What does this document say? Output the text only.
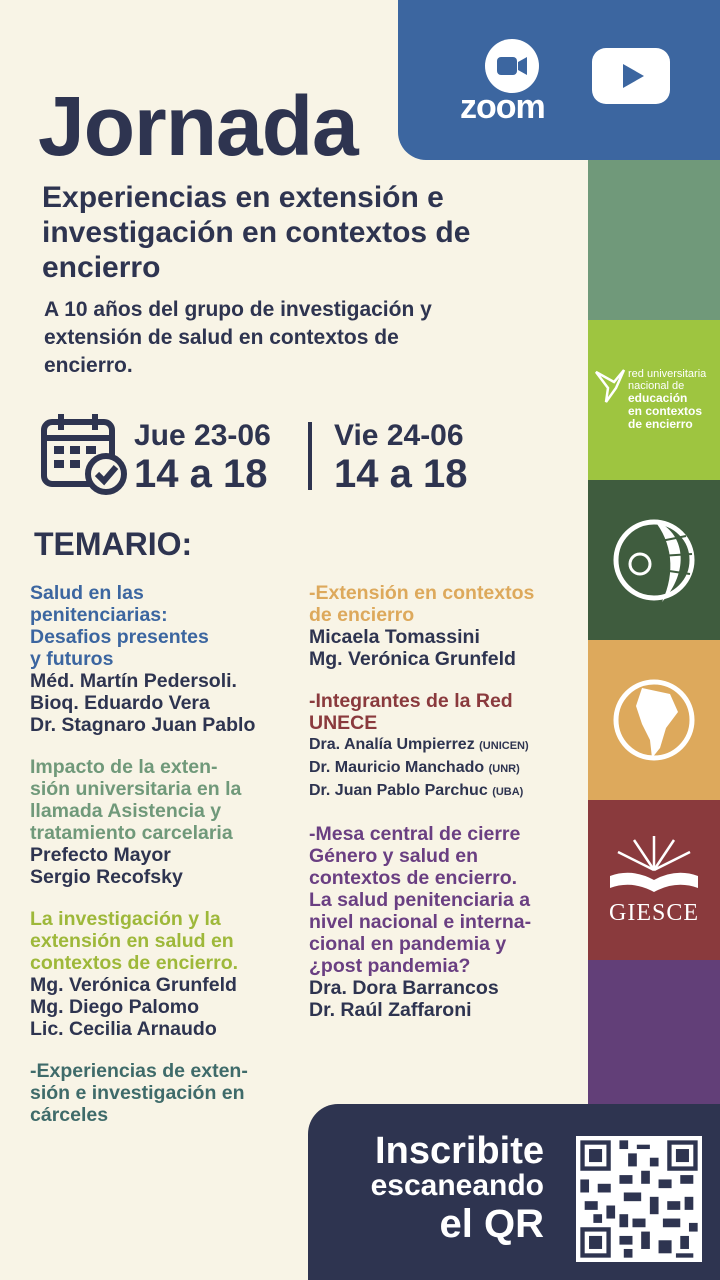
zoom
Jornada
Experiencias en extensión e investigación en contextos de encierro
A 10 años del grupo de investigación y extensión de salud en contextos de encierro.
Jue 23-06
14 a 18
Vie 24-06
14 a 18
TEMARIO:
Salud en las
penitenciarias:
Desafios presentes
y futuros
Méd. Martín Pedersoli.
Bioq. Eduardo Vera
Dr. Stagnaro Juan Pablo
Impacto de la exten-
sión universitaria en la
llamada Asistencia y
tratamiento carcelaria
Prefecto Mayor
Sergio Recofsky
La investigación y la
extensión en salud en
contextos de encierro.
Mg. Verónica Grunfeld
Mg. Diego Palomo
Lic. Cecilia Arnaudo
-Experiencias de exten-
sión e investigación en
cárceles
-Extensión en contextos
de encierro
Micaela Tomassini
Mg. Verónica Grunfeld
-Integrantes de la Red
UNECE
Dra. Analía Umpierrez (UNICEN)
Dr. Mauricio Manchado (UNR)
Dr. Juan Pablo Parchuc (UBA)
-Mesa central de cierre
Género y salud en
contextos de encierro.
La salud penitenciaria a
nivel nacional e interna-
cional en pandemia y
¿post pandemia?
Dra. Dora Barrancos
Dr. Raúl Zaffaroni
red universitaria
nacional de
educación
en contextos
de encierro
GIESCE
Inscribite
escaneando
el QR
